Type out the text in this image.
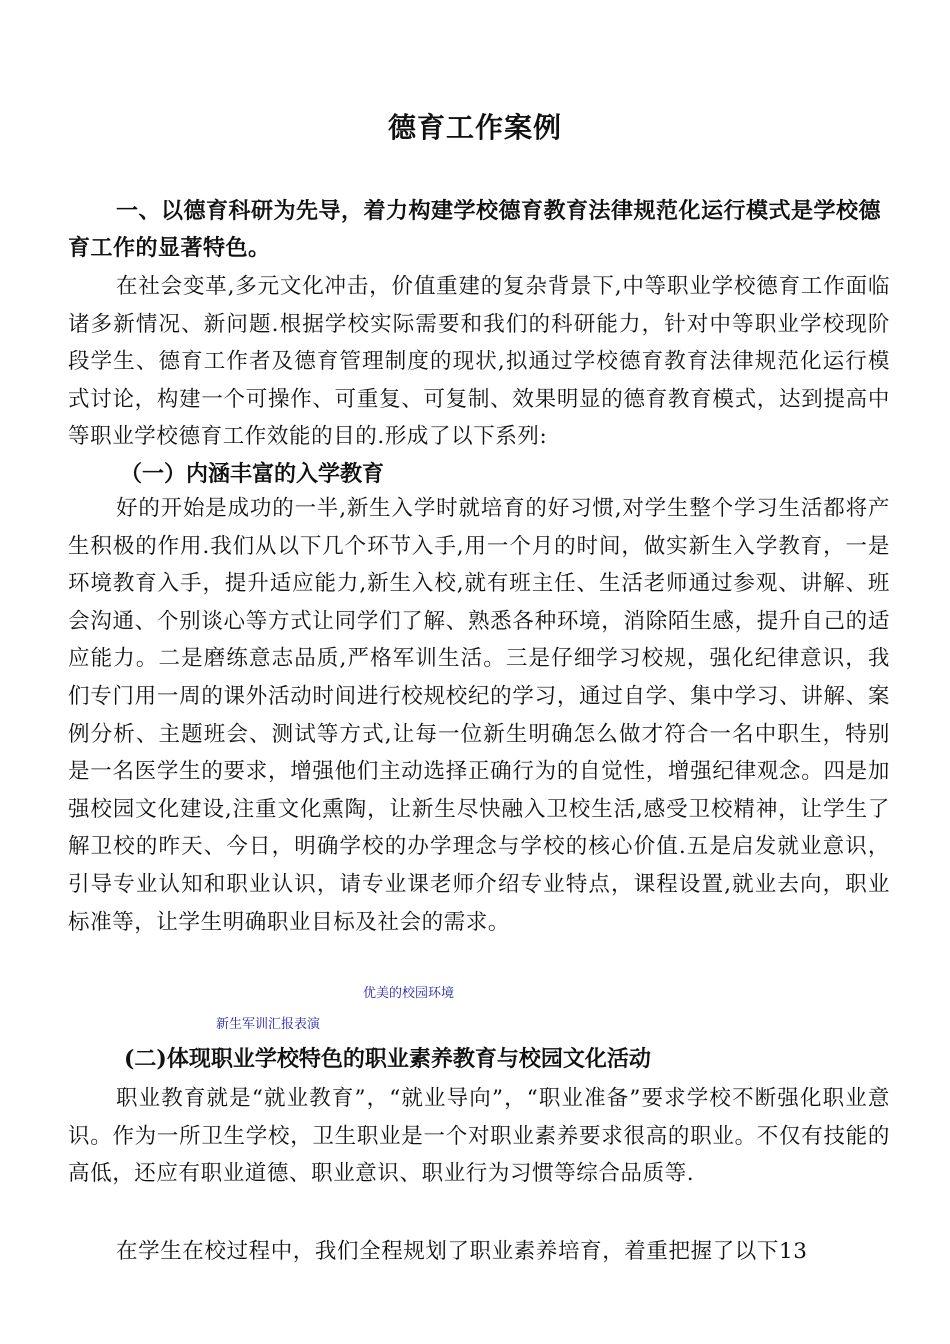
德育工作案例
一、以德育科研为先导，着力构建学校德育教育法律规范化运行模式是学校德育工作的显著特色。

在社会变革,多元文化冲击，价值重建的复杂背景下,中等职业学校德育工作面临诸多新情况、新问题.根据学校实际需要和我们的科研能力，针对中等职业学校现阶段学生、德育工作者及德育管理制度的现状,拟通过学校德育教育法律规范化运行模式讨论，构建一个可操作、可重复、可复制、效果明显的德育教育模式，达到提高中等职业学校德育工作效能的目的.形成了以下系列:

（一）内涵丰富的入学教育

好的开始是成功的一半,新生入学时就培育的好习惯,对学生整个学习生活都将产生积极的作用.我们从以下几个环节入手,用一个月的时间，做实新生入学教育，一是环境教育入手，提升适应能力,新生入校,就有班主任、生活老师通过参观、讲解、班会沟通、个别谈心等方式让同学们了解、熟悉各种环境，消除陌生感，提升自己的适应能力。二是磨练意志品质,严格军训生活。三是仔细学习校规，强化纪律意识，我们专门用一周的课外活动时间进行校规校纪的学习，通过自学、集中学习、讲解、案例分析、主题班会、测试等方式,让每一位新生明确怎么做才符合一名中职生，特别是一名医学生的要求，增强他们主动选择正确行为的自觉性，增强纪律观念。四是加强校园文化建设,注重文化熏陶，让新生尽快融入卫校生活,感受卫校精神，让学生了解卫校的昨天、今日，明确学校的办学理念与学校的核心价值.五是启发就业意识，引导专业认知和职业认识，请专业课老师介绍专业特点，课程设置,就业去向，职业标准等，让学生明确职业目标及社会的需求。

优美的校园环境
新生军训汇报表演
(二)体现职业学校特色的职业素养教育与校园文化活动

职业教育就是“就业教育”，“就业导向”，“职业准备”要求学校不断强化职业意识。作为一所卫生学校，卫生职业是一个对职业素养要求很高的职业。不仅有技能的高低，还应有职业道德、职业意识、职业行为习惯等综合品质等.

在学生在校过程中，我们全程规划了职业素养培育，着重把握了以下13
